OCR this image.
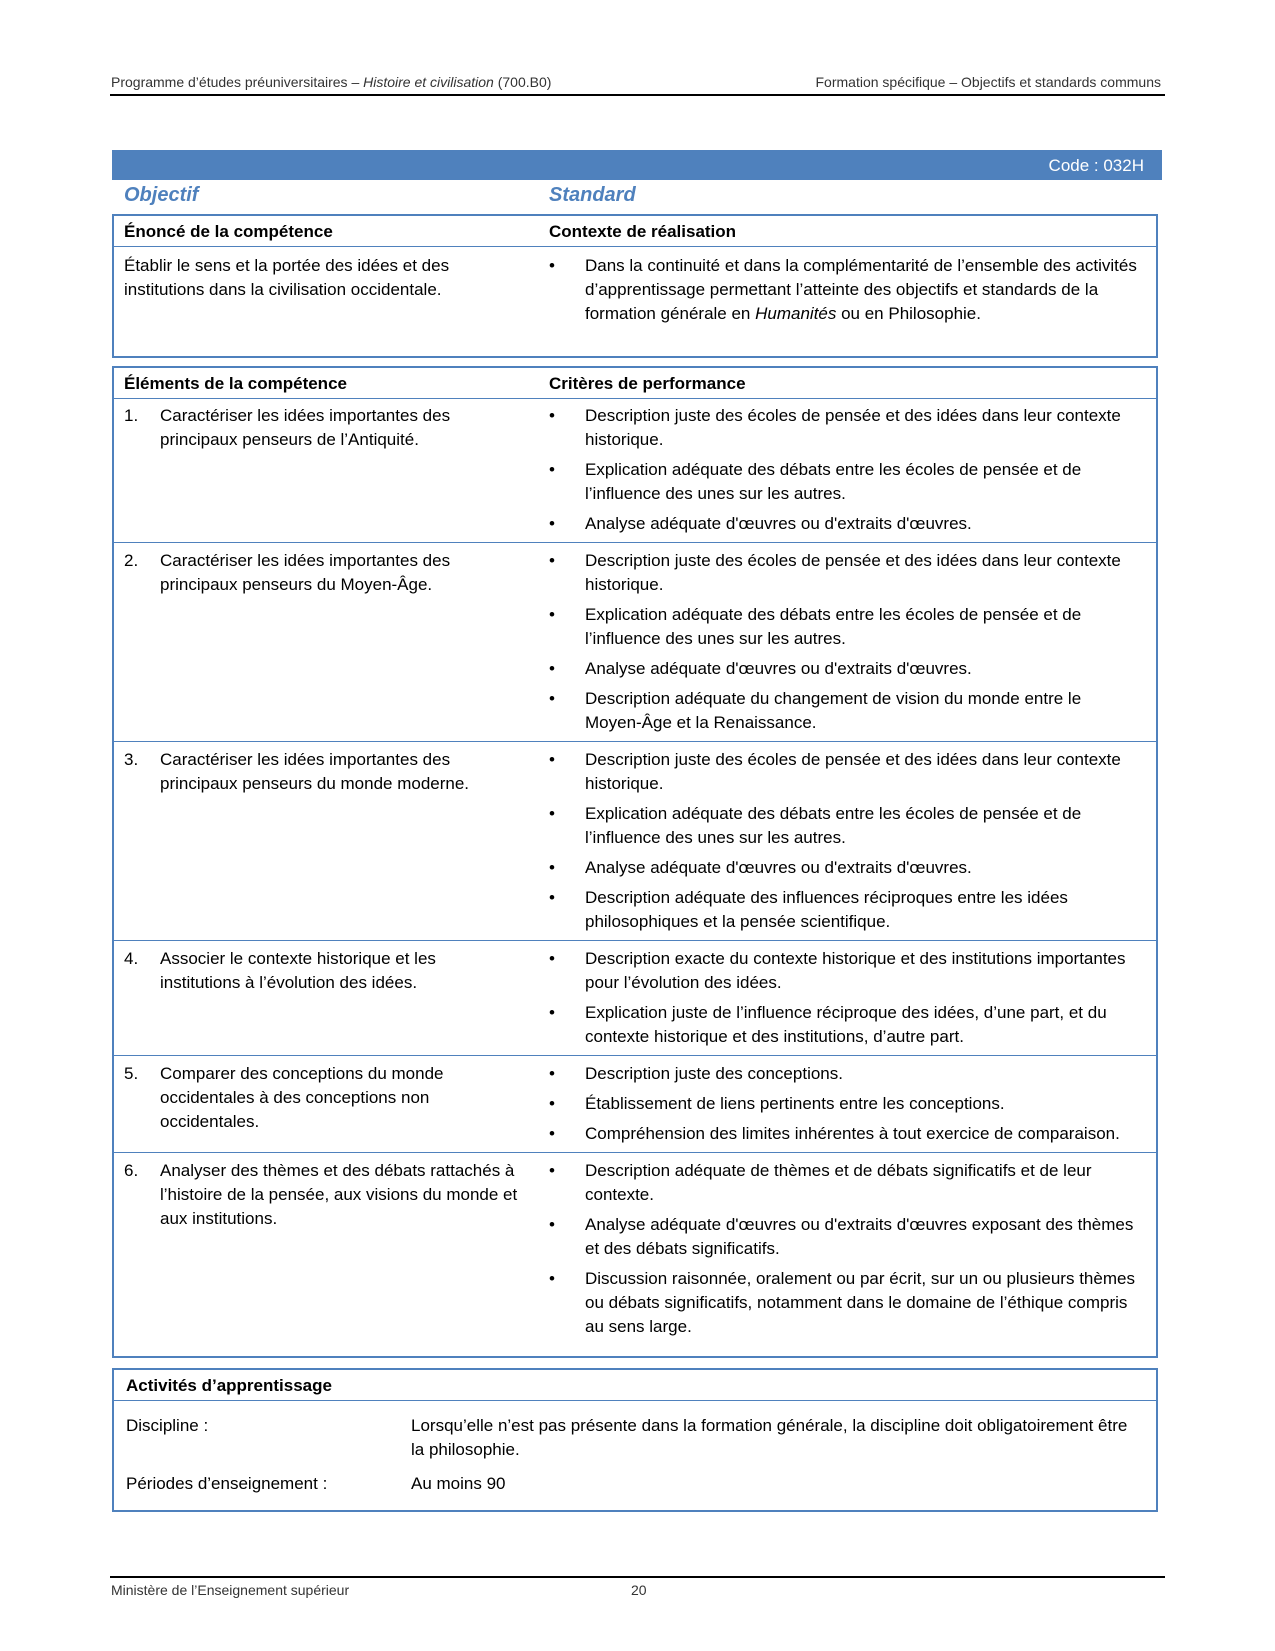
Programme d’études préuniversitaires – Histoire et civilisation (700.B0)	Formation spécifique – Objectifs et standards communs
Code : 032H
Objectif	Standard
Énoncé de la compétence	Contexte de réalisation
Établir le sens et la portée des idées et des institutions dans la civilisation occidentale.
• Dans la continuité et dans la complémentarité de l’ensemble des activités d’apprentissage permettant l’atteinte des objectifs et standards de la formation générale en Humanités ou en Philosophie.
Éléments de la compétence	Critères de performance
1.	Caractériser les idées importantes des principaux penseurs de l’Antiquité.
• Description juste des écoles de pensée et des idées dans leur contexte historique.
• Explication adéquate des débats entre les écoles de pensée et de l’influence des unes sur les autres.
• Analyse adéquate d'œuvres ou d'extraits d'œuvres.
2.	Caractériser les idées importantes des principaux penseurs du Moyen-Âge.
• Description juste des écoles de pensée et des idées dans leur contexte historique.
• Explication adéquate des débats entre les écoles de pensée et de l’influence des unes sur les autres.
• Analyse adéquate d'œuvres ou d'extraits d'œuvres.
• Description adéquate du changement de vision du monde entre le Moyen-Âge et la Renaissance.
3.	Caractériser les idées importantes des principaux penseurs du monde moderne.
• Description juste des écoles de pensée et des idées dans leur contexte historique.
• Explication adéquate des débats entre les écoles de pensée et de l’influence des unes sur les autres.
• Analyse adéquate d'œuvres ou d'extraits d'œuvres.
• Description adéquate des influences réciproques entre les idées philosophiques et la pensée scientifique.
4.	Associer le contexte historique et les institutions à l’évolution des idées.
• Description exacte du contexte historique et des institutions importantes pour l’évolution des idées.
• Explication juste de l’influence réciproque des idées, d’une part, et du contexte historique et des institutions, d’autre part.
5.	Comparer des conceptions du monde occidentales à des conceptions non occidentales.
• Description juste des conceptions.
• Établissement de liens pertinents entre les conceptions.
• Compréhension des limites inhérentes à tout exercice de comparaison.
6.	Analyser des thèmes et des débats rattachés à l’histoire de la pensée, aux visions du monde et aux institutions.
• Description adéquate de thèmes et de débats significatifs et de leur contexte.
• Analyse adéquate d'œuvres ou d'extraits d'œuvres exposant des thèmes et des débats significatifs.
• Discussion raisonnée, oralement ou par écrit, sur un ou plusieurs thèmes ou débats significatifs, notamment dans le domaine de l’éthique compris au sens large.
Activités d’apprentissage
Discipline :	Lorsqu’elle n’est pas présente dans la formation générale, la discipline doit obligatoirement être la philosophie.
Périodes d’enseignement :	Au moins 90
Ministère de l’Enseignement supérieur	20
